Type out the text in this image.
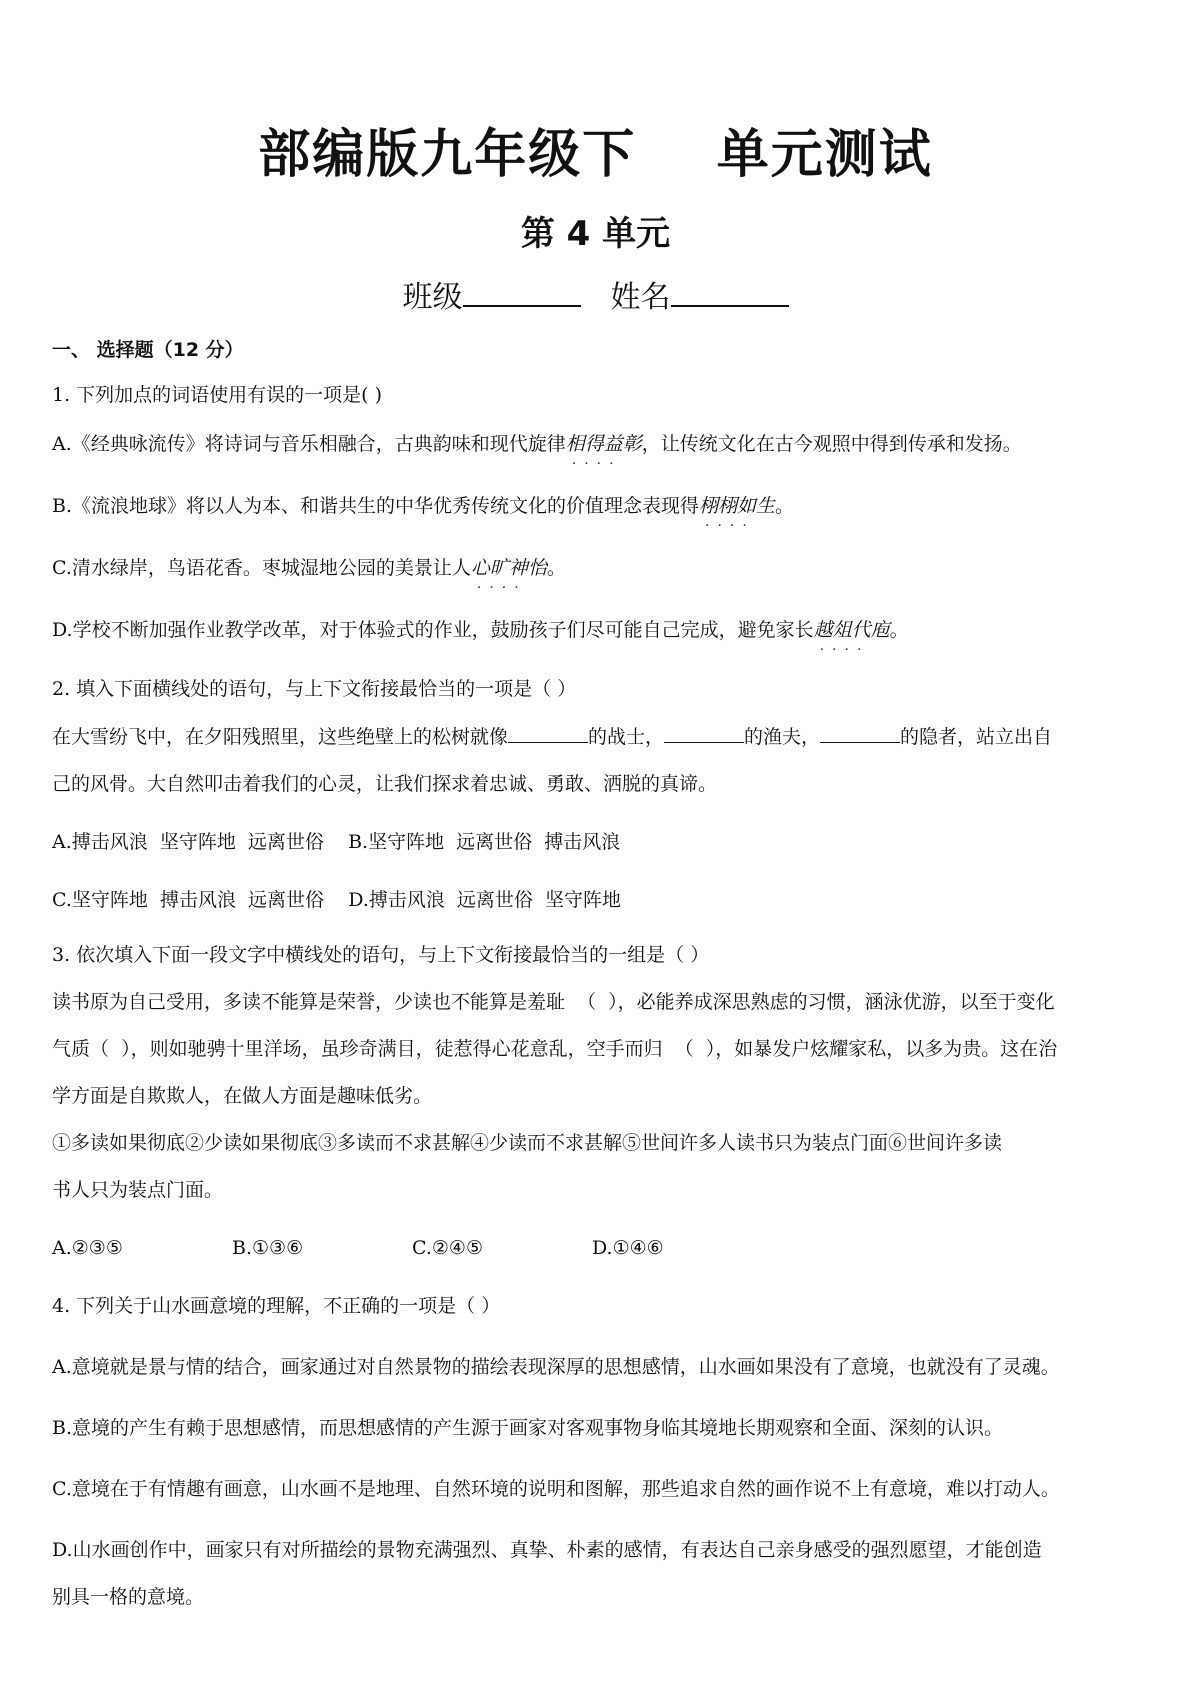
部编版九年级下    单元测试
第 4 单元
班级	姓名
一、 选择题（12 分）
1. 下列加点的词语使用有误的一项是( )
A.《经典咏流传》将诗词与音乐相融合，古典韵味和现代旋律相得益彰
····
，让传统文化在古今观照中得到传承和发扬。
B.《流浪地球》将以人为本、和谐共生的中华优秀传统文化的价值理念表现得栩栩如生
····
。
C.清水绿岸，鸟语花香。枣城湿地公园的美景让人心旷神怡
····
。
D.学校不断加强作业教学改革，对于体验式的作业，鼓励孩子们尽可能自己完成，避免家长越俎代庖
····
。
2. 填入下面横线处的语句，与上下文衔接最恰当的一项是（ ）
在大雪纷飞中，在夕阳残照里，这些绝壁上的松树就像	的战士，	的渔夫，	的隐者，站立出自
己的风骨。大自然叩击着我们的心灵，让我们探求着忠诚、勇敢、洒脱的真谛。
A.搏击风浪  坚守阵地  远离世俗    B.坚守阵地  远离世俗  搏击风浪
C.坚守阵地  搏击风浪  远离世俗    D.搏击风浪  远离世俗  坚守阵地
3. 依次填入下面一段文字中横线处的语句，与上下文衔接最恰当的一组是（ ）
读书原为自己受用，多读不能算是荣誉，少读也不能算是羞耻  （  ），必能养成深思熟虑的习惯，涵泳优游，以至于变化
气质（  ），则如驰骋十里洋场，虽珍奇满目，徒惹得心花意乱，空手而归  （  ），如暴发户炫耀家私，以多为贵。这在治
学方面是自欺欺人，在做人方面是趣味低劣。
①多读如果彻底②少读如果彻底③多读而不求甚解④少读而不求甚解⑤世间许多人读书只为装点门面⑥世间许多读
书人只为装点门面。
A.②③⑤	B.①③⑥	C.②④⑤	D.①④⑥
4. 下列关于山水画意境的理解，不正确的一项是（ ）
A.意境就是景与情的结合，画家通过对自然景物的描绘表现深厚的思想感情，山水画如果没有了意境，也就没有了灵魂。
B.意境的产生有赖于思想感情，而思想感情的产生源于画家对客观事物身临其境地长期观察和全面、深刻的认识。
C.意境在于有情趣有画意，山水画不是地理、自然环境的说明和图解，那些追求自然的画作说不上有意境，难以打动人。
D.山水画创作中，画家只有对所描绘的景物充满强烈、真挚、朴素的感情，有表达自己亲身感受的强烈愿望，才能创造
别具一格的意境。
